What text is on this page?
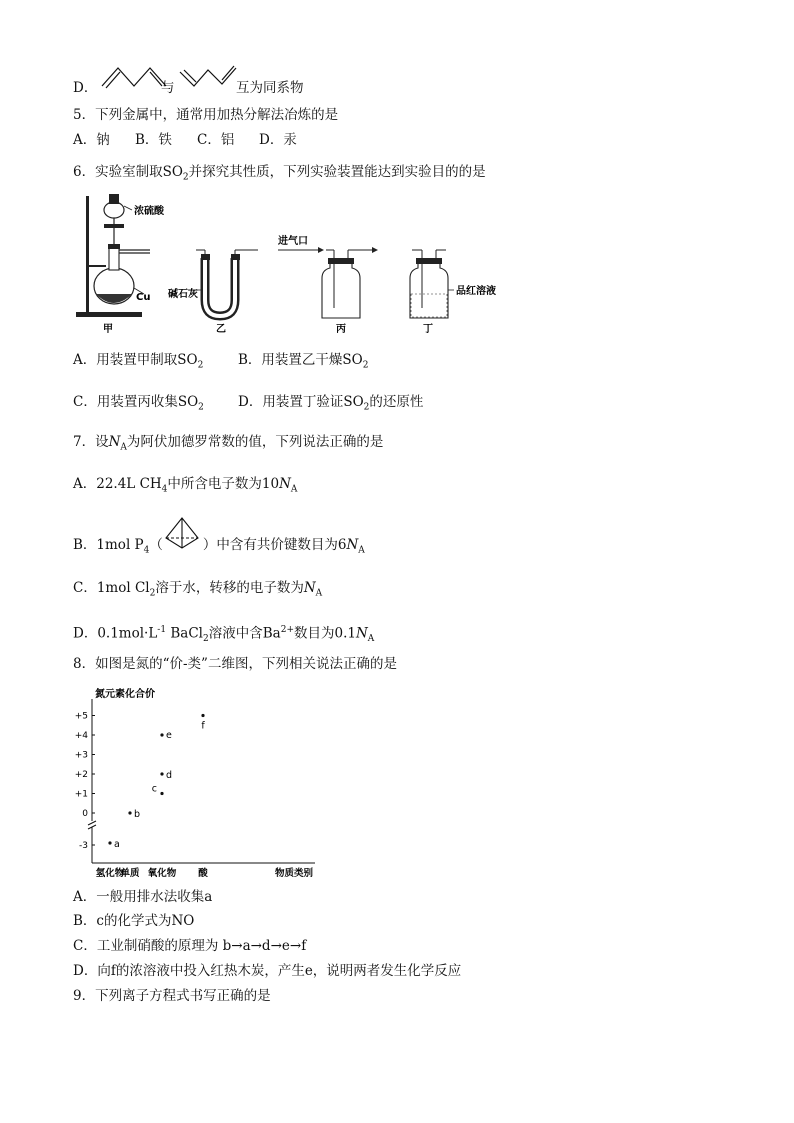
D．	与	互为同系物
5．下列金属中，通常用加热分解法冶炼的是
A．钠 B．铁 C．铝 D．汞
6．实验室制取$SO_2$并探究其性质，下列实验装置能达到实验目的的是
浓硫酸
Cu
甲
碱石灰
乙
进气口
丙
品红溶液
丁
A．用装置甲制取$SO_2$	B．用装置乙干燥$SO_2$
C．用装置丙收集$SO_2$	D．用装置丁验证$SO_2$的还原性
7．设$N_A$为阿伏加德罗常数的值，下列说法正确的是
A．22.4L $CH_4$中所含电子数为$10N_A$
B．1mol $P_4$（	）中含有共价键数目为$6N_A$
C．1mol $Cl_2$溶于水，转移的电子数为$N_A$
D．$0.1mol\cdot L^{-1}$ BaCl$_2$溶液中含$Ba^{2+}$数目为$0.1N_A$
8．如图是氮的“价-类”二维图，下列相关说法正确的是
氮元素化合价
+5
+4
+3
+2
+1
0
-3
氢化物
单质 氧化物 酸	物质类别
a
b
c
d
e
f
A．一般用排水法收集a
B．c的化学式为NO
C．工业制硝酸的原理为 b→a→d→e→f
D．向f的浓溶液中投入红热木炭，产生e，说明两者发生化学反应
9．下列离子方程式书写正确的是
